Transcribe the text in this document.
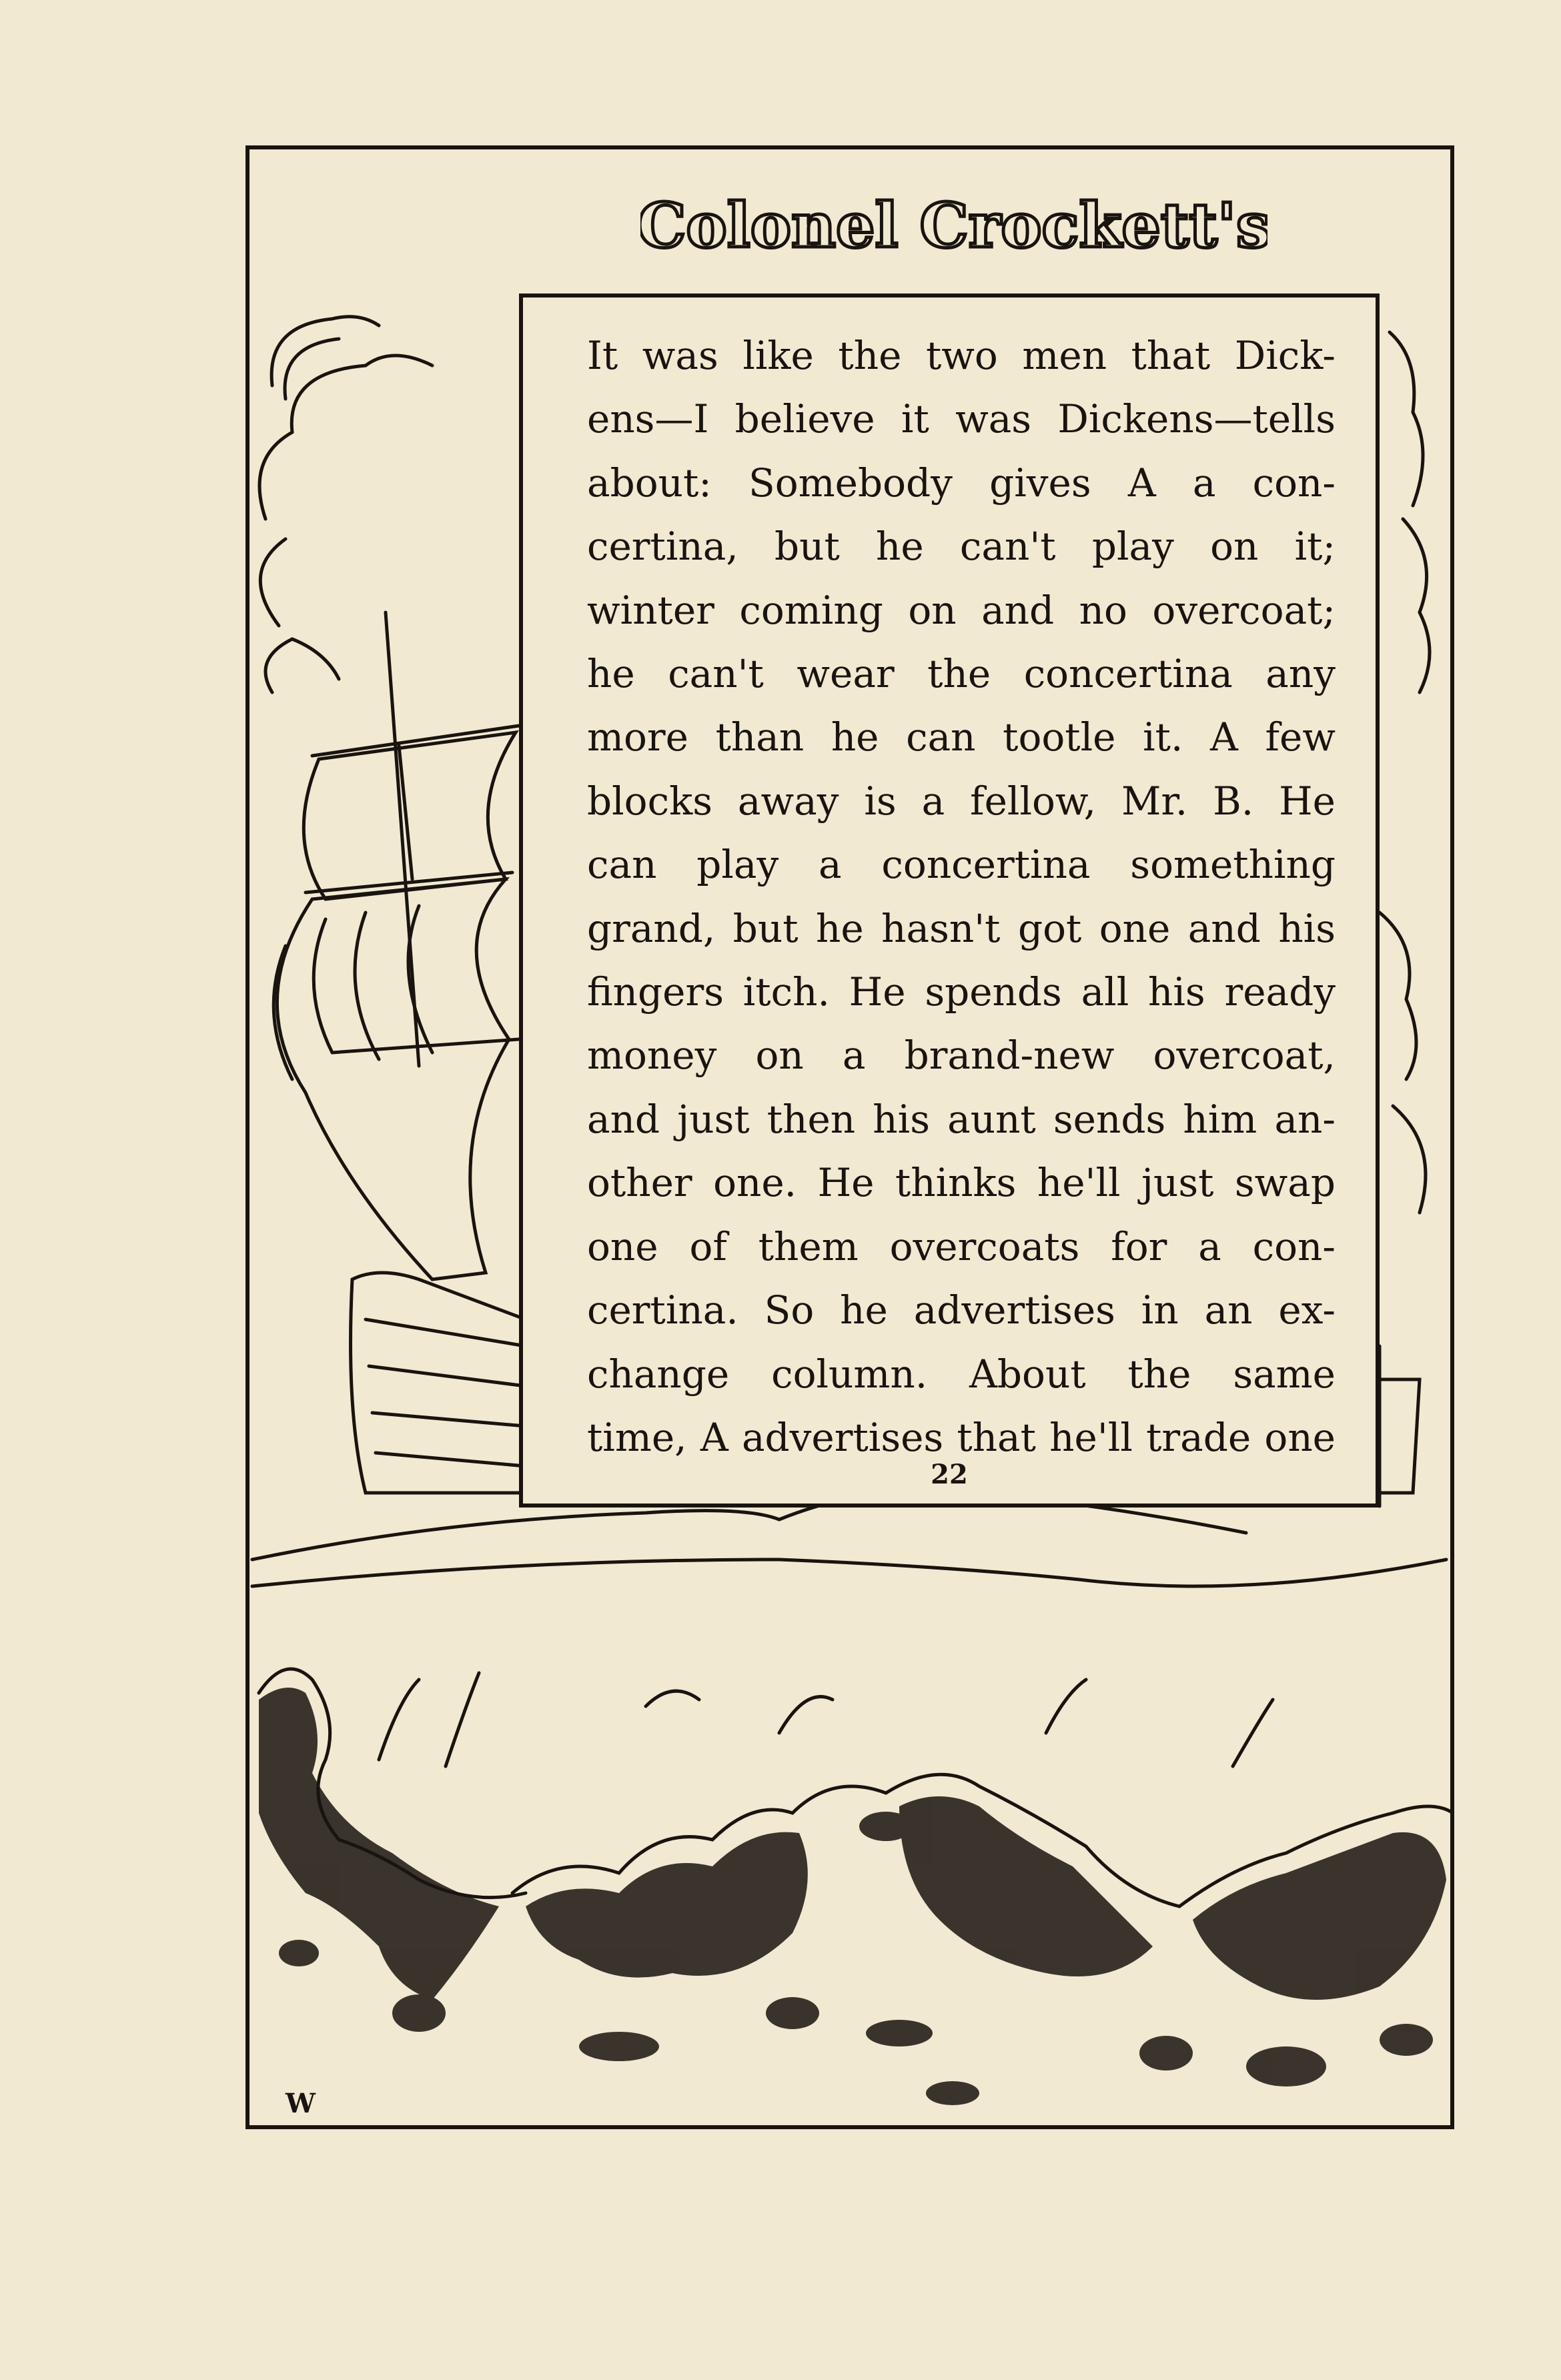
Colonel Crockett's

It was like the two men that Dick-
ens—I believe it was Dickens—tells
about: Somebody gives A a con-
certina, but he can't play on it;
winter coming on and no overcoat;
he can't wear the concertina any
more than he can tootle it. A few
blocks away is a fellow, Mr. B. He
can play a concertina something
grand, but he hasn't got one and his
fingers itch. He spends all his ready
money on a brand-new overcoat,
and just then his aunt sends him an-
other one. He thinks he'll just swap
one of them overcoats for a con-
certina. So he advertises in an ex-
change column. About the same
time, A advertises that he'll trade one

22
W
